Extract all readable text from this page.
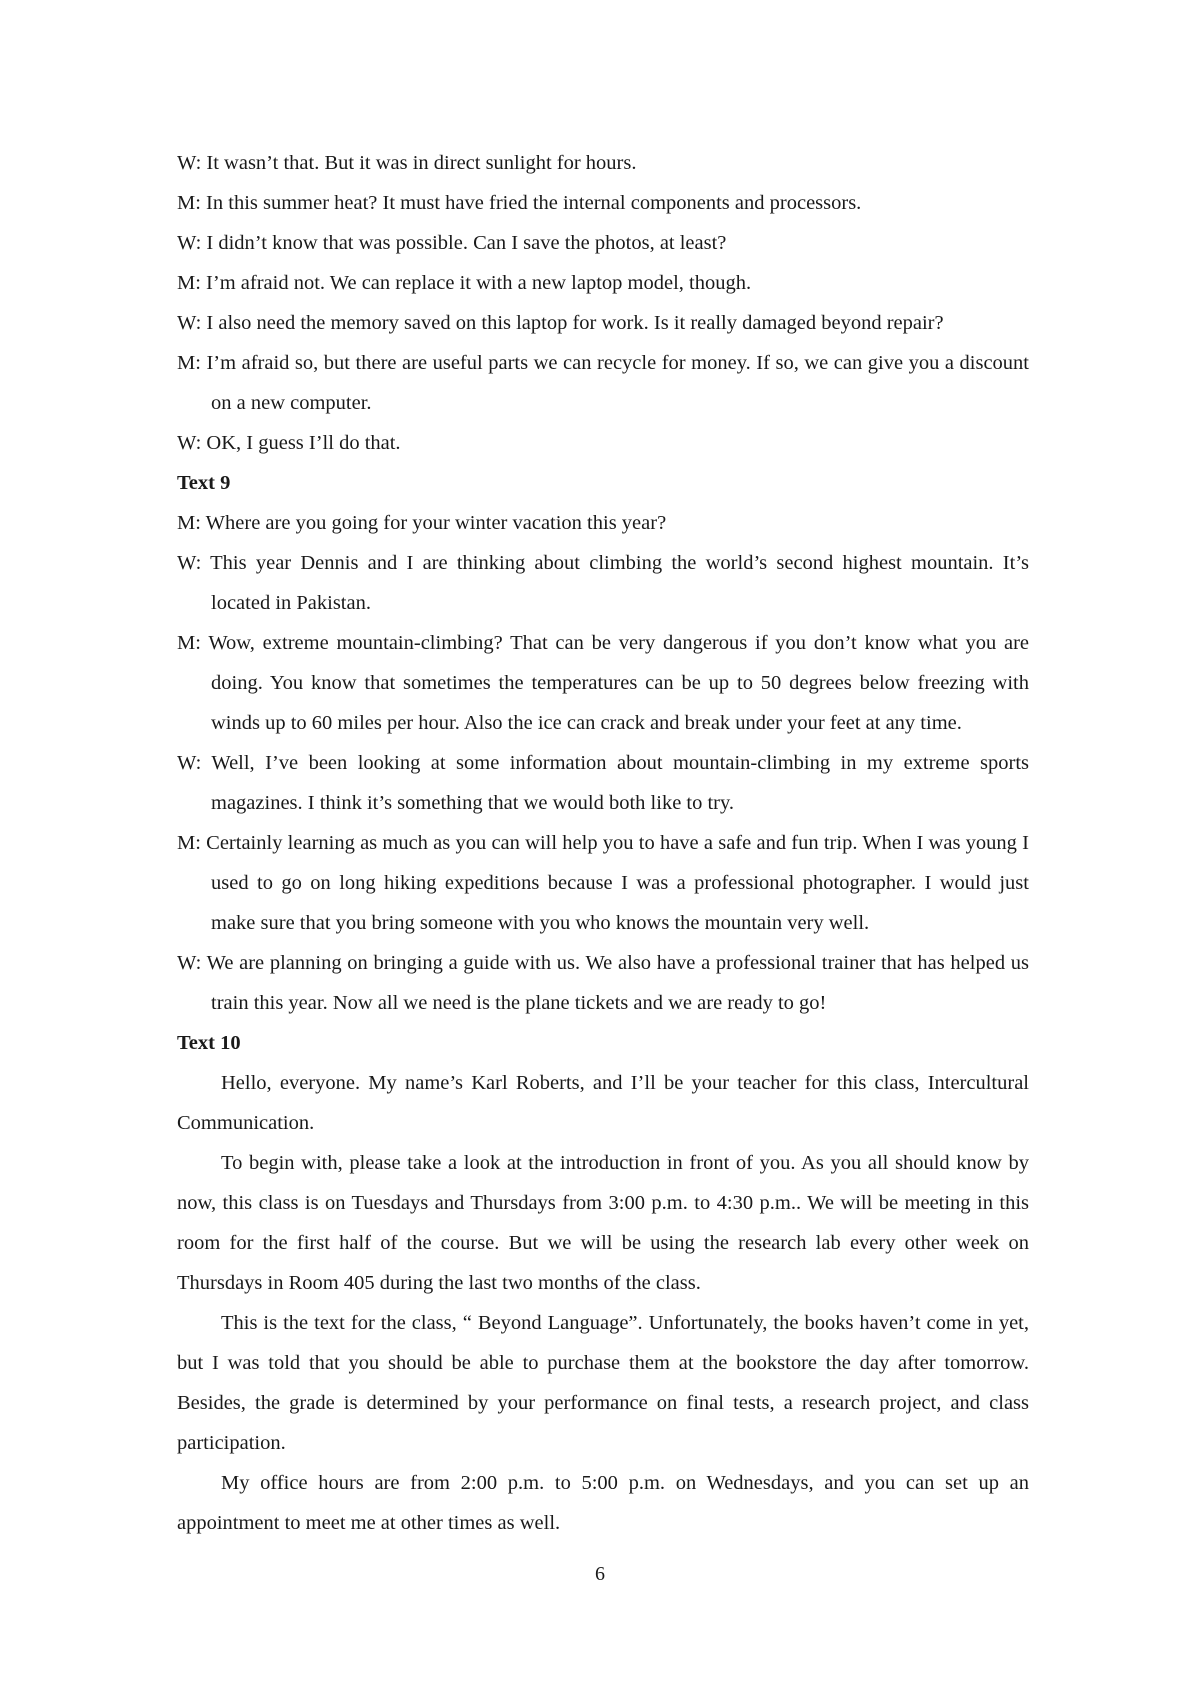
W: It wasn’t that. But it was in direct sunlight for hours.

M: In this summer heat? It must have fried the internal components and processors.

W: I didn’t know that was possible. Can I save the photos, at least?

M: I’m afraid not. We can replace it with a new laptop model, though.

W: I also need the memory saved on this laptop for work. Is it really damaged beyond repair?

M: I’m afraid so, but there are useful parts we can recycle for money. If so, we can give you a discount on a new computer.

W: OK, I guess I’ll do that.

Text 9

M: Where are you going for your winter vacation this year?

W: This year Dennis and I are thinking about climbing the world’s second highest mountain. It’s located in Pakistan.

M: Wow, extreme mountain-climbing? That can be very dangerous if you don’t know what you are doing. You know that sometimes the temperatures can be up to 50 degrees below freezing with winds up to 60 miles per hour. Also the ice can crack and break under your feet at any time.

W: Well, I’ve been looking at some information about mountain-climbing in my extreme sports magazines. I think it’s something that we would both like to try.

M: Certainly learning as much as you can will help you to have a safe and fun trip. When I was young I used to go on long hiking expeditions because I was a professional photographer. I would just make sure that you bring someone with you who knows the mountain very well.

W: We are planning on bringing a guide with us. We also have a professional trainer that has helped us train this year. Now all we need is the plane tickets and we are ready to go!

Text 10

Hello, everyone. My name’s Karl Roberts, and I’ll be your teacher for this class, Intercultural Communication.

To begin with, please take a look at the introduction in front of you. As you all should know by now, this class is on Tuesdays and Thursdays from 3:00 p.m. to 4:30 p.m.. We will be meeting in this room for the first half of the course. But we will be using the research lab every other week on Thursdays in Room 405 during the last two months of the class.

This is the text for the class, “ Beyond Language”. Unfortunately, the books haven’t come in yet, but I was told that you should be able to purchase them at the bookstore the day after tomorrow. Besides, the grade is determined by your performance on final tests, a research project, and class participation.

My office hours are from 2:00 p.m. to 5:00 p.m. on Wednesdays, and you can set up an appointment to meet me at other times as well.

6
